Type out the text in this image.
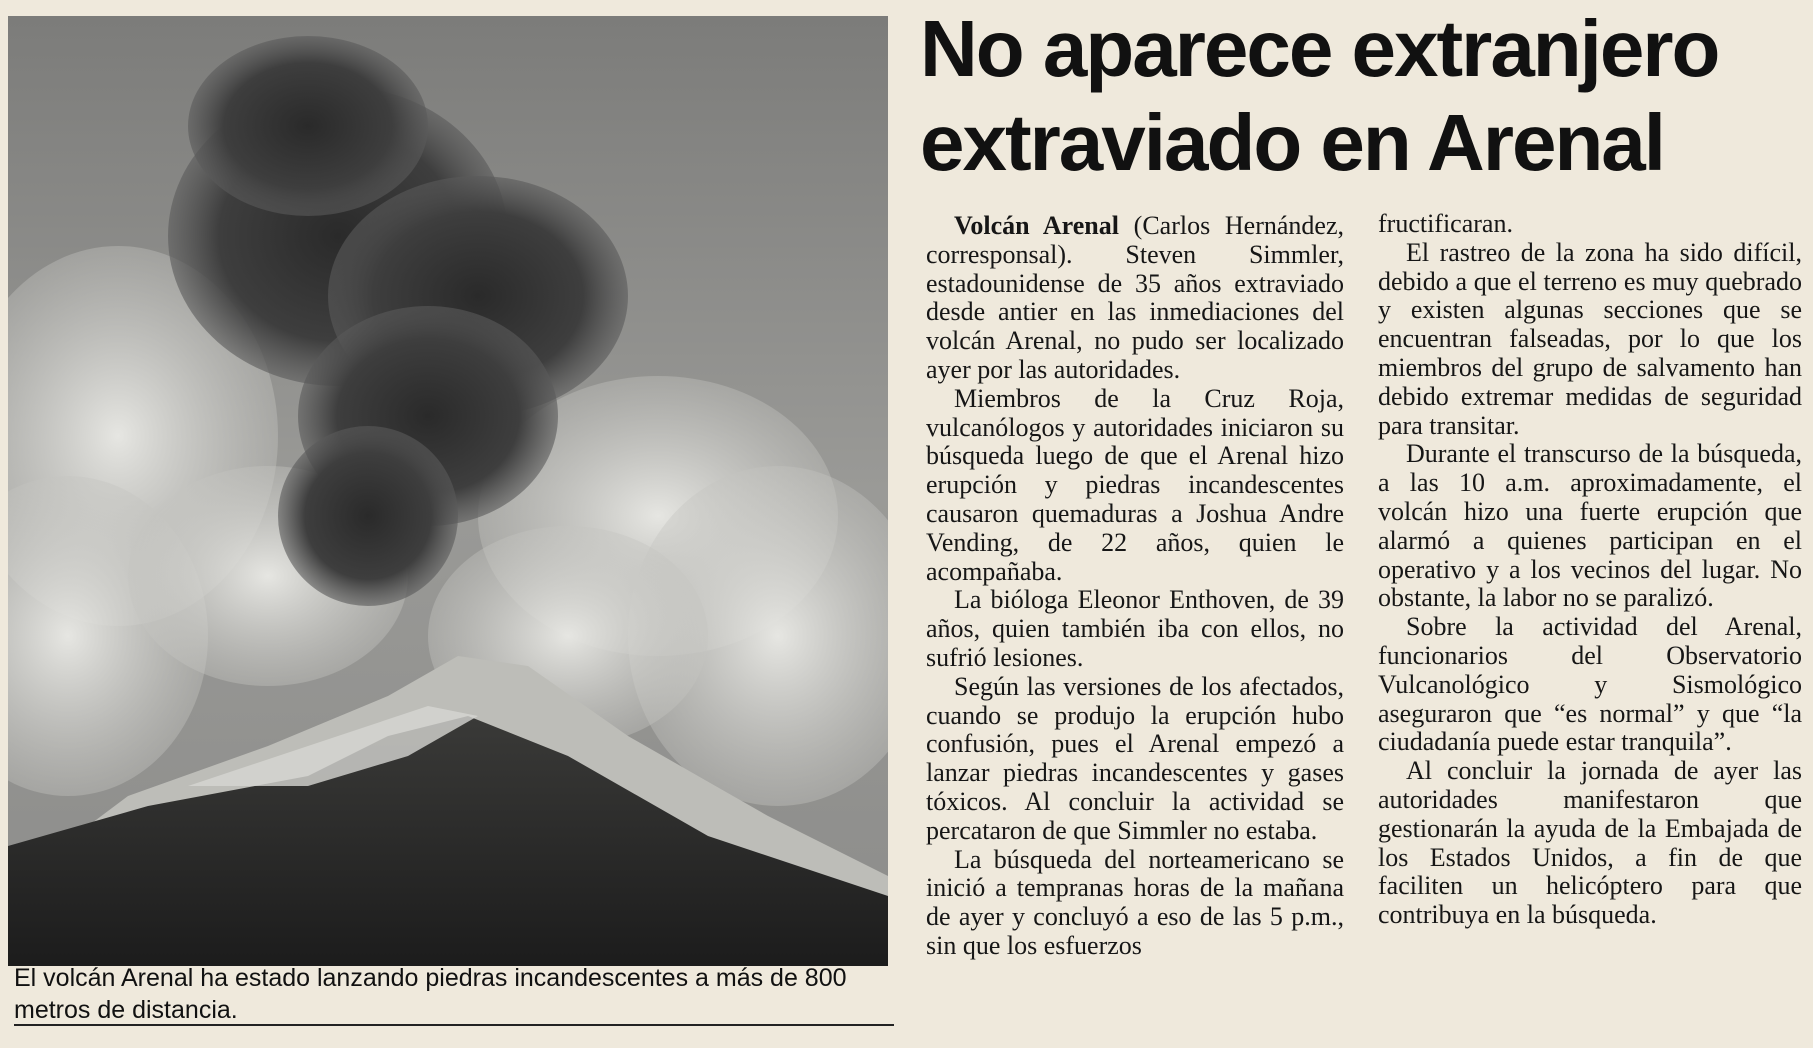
El volcán Arenal ha estado lanzando piedras incandescentes a más de 800 metros de distancia.
No aparece extranjero extraviado en Arenal

Volcán Arenal (Carlos Hernández, corresponsal). Steven Simmler, estadounidense de 35 años extraviado desde antier en las inmediaciones del volcán Arenal, no pudo ser localizado ayer por las autoridades.

Miembros de la Cruz Roja, vulcanólogos y autoridades iniciaron su búsqueda luego de que el Arenal hizo erupción y piedras incandescentes causaron quemaduras a Joshua Andre Vending, de 22 años, quien le acompañaba.

La bióloga Eleonor Enthoven, de 39 años, quien también iba con ellos, no sufrió lesiones.

Según las versiones de los afectados, cuando se produjo la erupción hubo confusión, pues el Arenal empezó a lanzar piedras incandescentes y gases tóxicos. Al concluir la actividad se percataron de que Simmler no estaba.

La búsqueda del norteamericano se inició a tempranas horas de la mañana de ayer y concluyó a eso de las 5 p.m., sin que los esfuerzos

fructificaran.

El rastreo de la zona ha sido difícil, debido a que el terreno es muy quebrado y existen algunas secciones que se encuentran falseadas, por lo que los miembros del grupo de salvamento han debido extremar medidas de seguridad para transitar.

Durante el transcurso de la búsqueda, a las 10 a.m. aproximadamente, el volcán hizo una fuerte erupción que alarmó a quienes participan en el operativo y a los vecinos del lugar. No obstante, la labor no se paralizó.

Sobre la actividad del Arenal, funcionarios del Observatorio Vulcanológico y Sismológico aseguraron que “es normal” y que “la ciudadanía puede estar tranquila”.

Al concluir la jornada de ayer las autoridades manifestaron que gestionarán la ayuda de la Embajada de los Estados Unidos, a fin de que faciliten un helicóptero para que contribuya en la búsqueda.
